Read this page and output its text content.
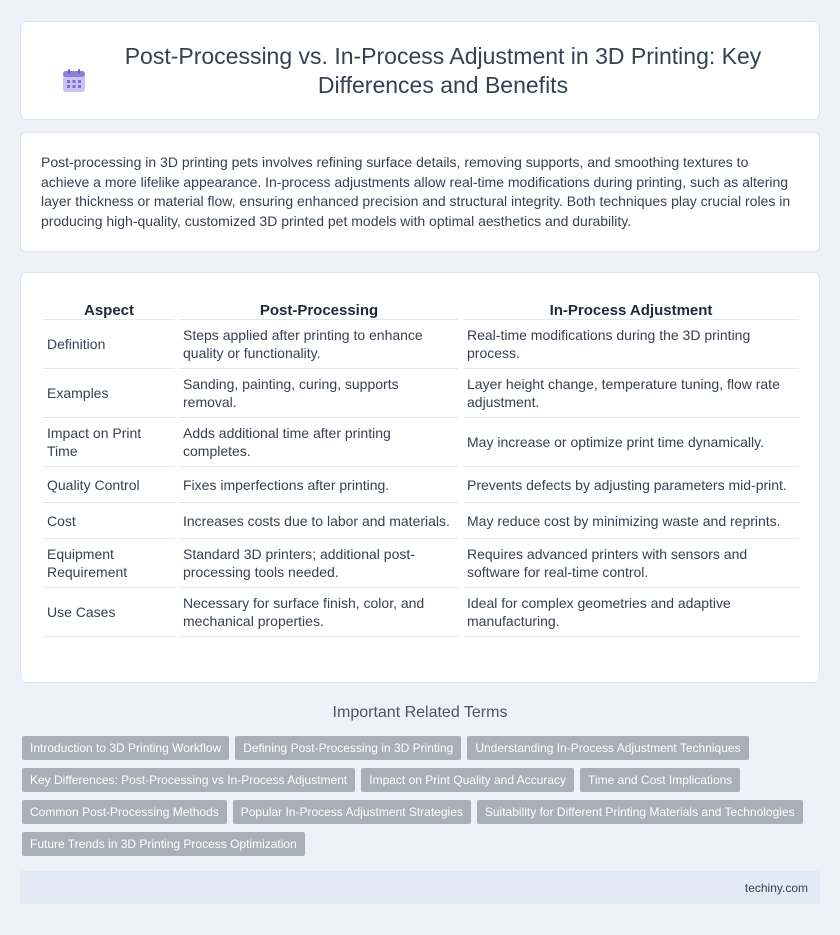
Post-Processing vs. In-Process Adjustment in 3D Printing: Key Differences and Benefits

Post-processing in 3D printing pets involves refining surface details, removing supports, and smoothing textures to achieve a more lifelike appearance. In-process adjustments allow real-time modifications during printing, such as altering layer thickness or material flow, ensuring enhanced precision and structural integrity. Both techniques play crucial roles in producing high-quality, customized 3D printed pet models with optimal aesthetics and durability.

Aspect	Post-Processing	In-Process Adjustment
Definition	Steps applied after printing to enhance quality or functionality.	Real-time modifications during the 3D printing process.
Examples	Sanding, painting, curing, supports removal.	Layer height change, temperature tuning, flow rate adjustment.
Impact on Print Time	Adds additional time after printing completes.	May increase or optimize print time dynamically.
Quality Control	Fixes imperfections after printing.	Prevents defects by adjusting parameters mid-print.
Cost	Increases costs due to labor and materials.	May reduce cost by minimizing waste and reprints.
Equipment Requirement	Standard 3D printers; additional post-processing tools needed.	Requires advanced printers with sensors and software for real-time control.
Use Cases	Necessary for surface finish, color, and mechanical properties.	Ideal for complex geometries and adaptive manufacturing.
Important Related Terms
Introduction to 3D Printing Workflow	Defining Post-Processing in 3D Printing	Understanding In-Process Adjustment Techniques
Key Differences: Post-Processing vs In-Process Adjustment	Impact on Print Quality and Accuracy	Time and Cost Implications
Common Post-Processing Methods	Popular In-Process Adjustment Strategies	Suitability for Different Printing Materials and Technologies
Future Trends in 3D Printing Process Optimization
techiny.com
